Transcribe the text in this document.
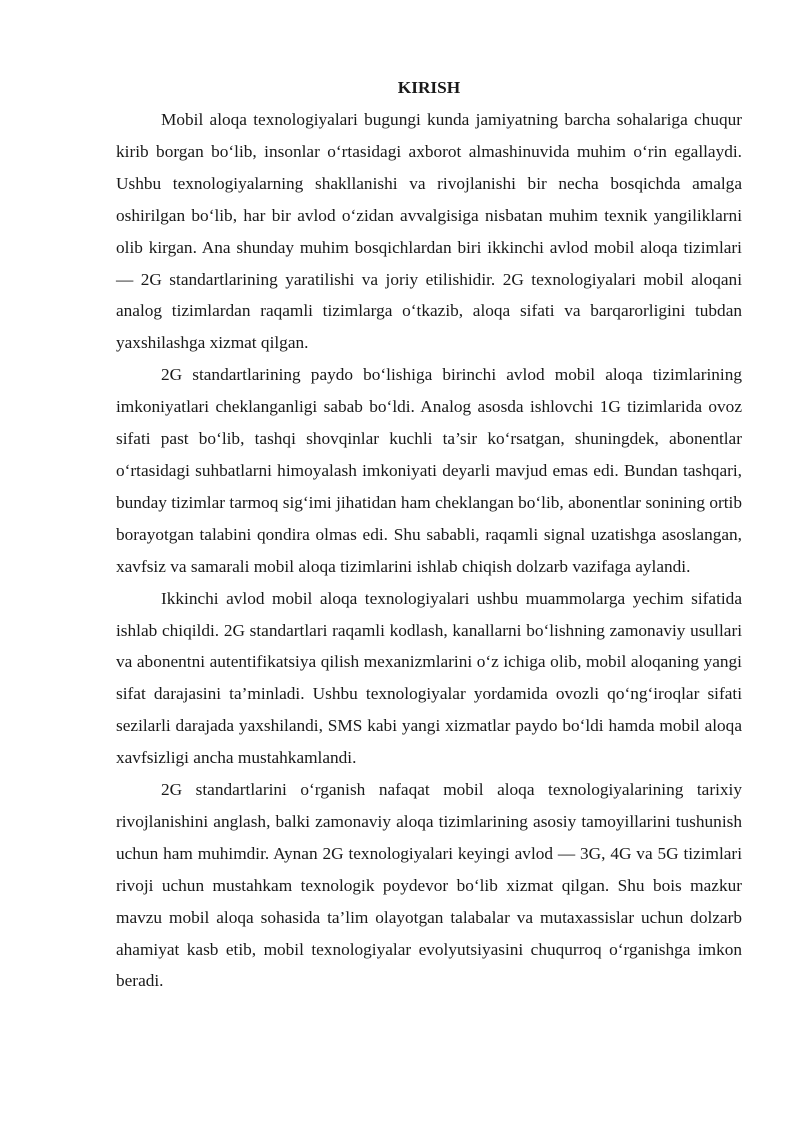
KIRISH

Mobil aloqa texnologiyalari bugungi kunda jamiyatning barcha sohalariga chuqur kirib borgan bo‘lib, insonlar o‘rtasidagi axborot almashinuvida muhim o‘rin egallaydi. Ushbu texnologiyalarning shakllanishi va rivojlanishi bir necha bosqichda amalga oshirilgan bo‘lib, har bir avlod o‘zidan avvalgisiga nisbatan muhim texnik yangiliklarni olib kirgan. Ana shunday muhim bosqichlardan biri ikkinchi avlod mobil aloqa tizimlari — 2G standartlarining yaratilishi va joriy etilishidir. 2G texnologiyalari mobil aloqani analog tizimlardan raqamli tizimlarga o‘tkazib, aloqa sifati va barqarorligini tubdan yaxshilashga xizmat qilgan.

2G standartlarining paydo bo‘lishiga birinchi avlod mobil aloqa tizimlarining imkoniyatlari cheklanganligi sabab bo‘ldi. Analog asosda ishlovchi 1G tizimlarida ovoz sifati past bo‘lib, tashqi shovqinlar kuchli ta’sir ko‘rsatgan, shuningdek, abonentlar o‘rtasidagi suhbatlarni himoyalash imkoniyati deyarli mavjud emas edi. Bundan tashqari, bunday tizimlar tarmoq sig‘imi jihatidan ham cheklangan bo‘lib, abonentlar sonining ortib borayotgan talabini qondira olmas edi. Shu sababli, raqamli signal uzatishga asoslangan, xavfsiz va samarali mobil aloqa tizimlarini ishlab chiqish dolzarb vazifaga aylandi.

Ikkinchi avlod mobil aloqa texnologiyalari ushbu muammolarga yechim sifatida ishlab chiqildi. 2G standartlari raqamli kodlash, kanallarni bo‘lishning zamonaviy usullari va abonentni autentifikatsiya qilish mexanizmlarini o‘z ichiga olib, mobil aloqaning yangi sifat darajasini ta’minladi. Ushbu texnologiyalar yordamida ovozli qo‘ng‘iroqlar sifati sezilarli darajada yaxshilandi, SMS kabi yangi xizmatlar paydo bo‘ldi hamda mobil aloqa xavfsizligi ancha mustahkamlandi.

2G standartlarini o‘rganish nafaqat mobil aloqa texnologiyalarining tarixiy rivojlanishini anglash, balki zamonaviy aloqa tizimlarining asosiy tamoyillarini tushunish uchun ham muhimdir. Aynan 2G texnologiyalari keyingi avlod — 3G, 4G va 5G tizimlari rivoji uchun mustahkam texnologik poydevor bo‘lib xizmat qilgan. Shu bois mazkur mavzu mobil aloqa sohasida ta’lim olayotgan talabalar va mutaxassislar uchun dolzarb ahamiyat kasb etib, mobil texnologiyalar evolyutsiyasini chuqurroq o‘rganishga imkon beradi.
